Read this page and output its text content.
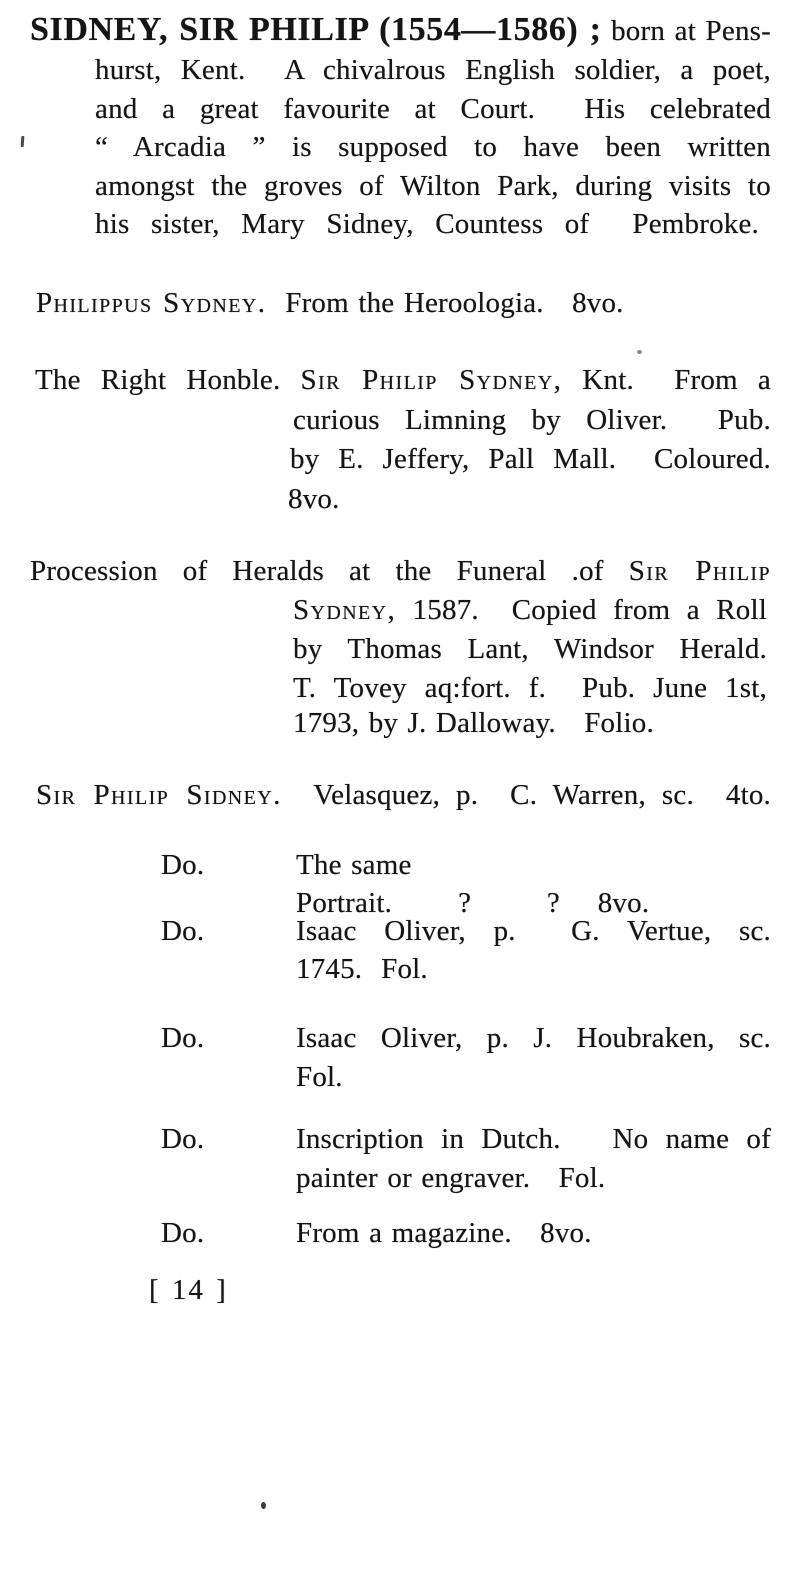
SIDNEY, SIR PHILIP (1554—1586) ; born at Pens-
hurst, Kent.  A chivalrous English soldier, a poet,
and a great favourite at Court.  His celebrated
“ Arcadia ” is supposed to have been written
amongst the groves of Wilton Park, during visits to
his sister, Mary Sidney, Countess of  Pembroke.
Philippus Sydney.  From the Heroologia.   8vo.
The Right Honble. Sir Philip Sydney, Knt.  From a
curious Limning by Oliver.  Pub.
by E. Jeffery, Pall Mall.  Coloured.
8vo.
Procession of Heralds at the Funeral .of Sir Philip
Sydney, 1587.  Copied from a Roll
by Thomas Lant, Windsor Herald.
T. Tovey aq:fort. f.  Pub. June 1st,
1793, by J. Dalloway.   Folio.
Sir Philip Sidney.  Velasquez, p.  C. Warren, sc.  4to.
Do.	The same Portrait.       ?        ?    8vo.
Do.	Isaac Oliver, p.  G. Vertue, sc.
1745.  Fol.
Do.	Isaac Oliver, p. J. Houbraken, sc.
Fol.
Do.	Inscription in Dutch.   No name of
painter or engraver.   Fol.
Do.	From a magazine.   8vo.
[ 14 ]
